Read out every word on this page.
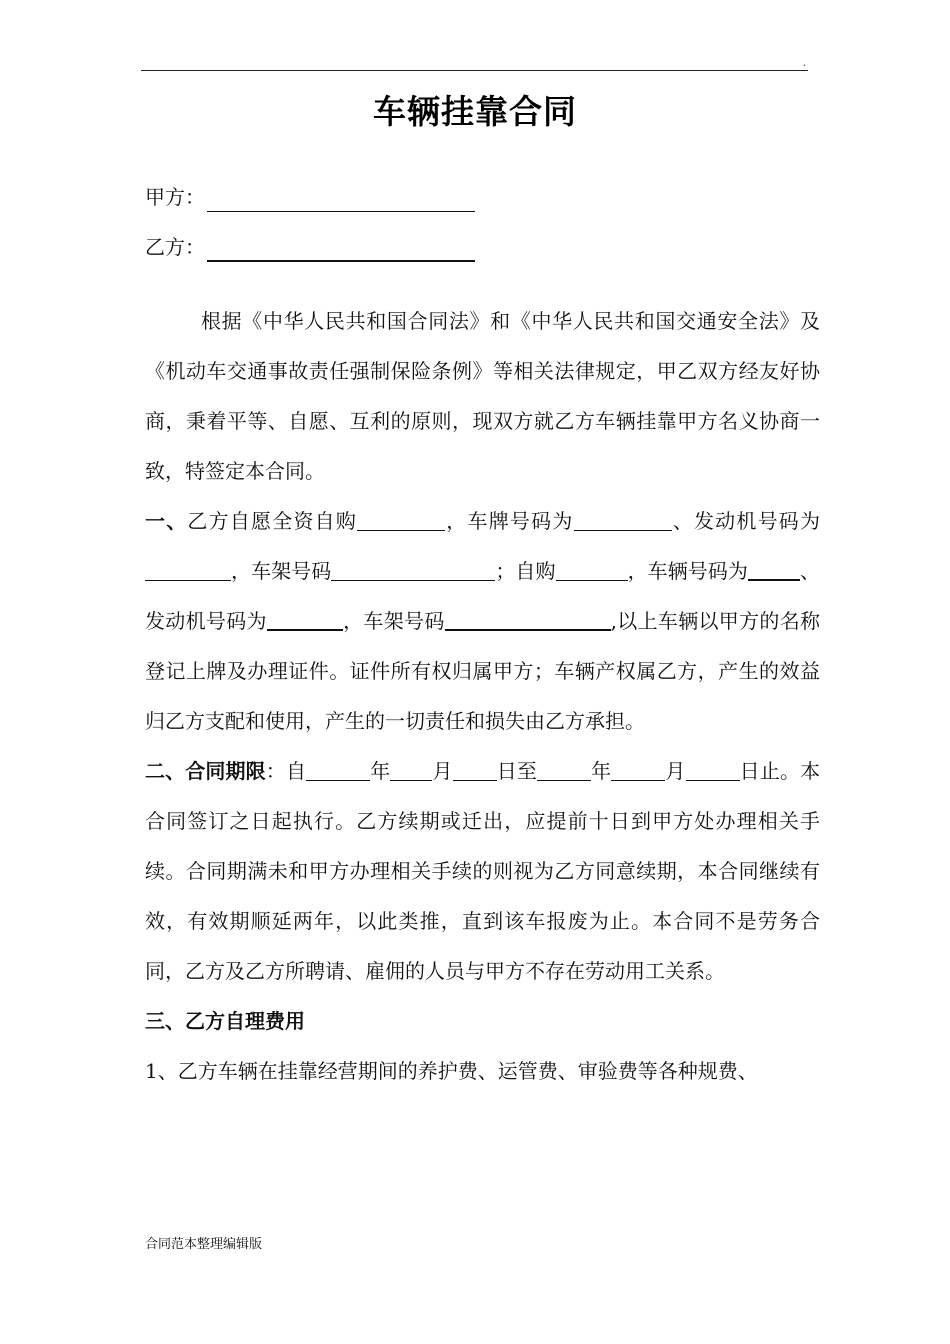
.
车辆挂靠合同
甲方：
乙方：

根据《中华人民共和国合同法》和《中华人民共和国交通安全法》及《机动车交通事故责任强制保险条例》等相关法律规定，甲乙双方经友好协商，秉着平等、自愿、互利的原则，现双方就乙方车辆挂靠甲方名义协商一致，特签定本合同。

一、乙方自愿全资自购	，车牌号码为	、发动机号码为，车架号码	；自购	，车辆号码为	、发动机号码为	，车架号码	,以上车辆以甲方的名称登记上牌及办理证件。证件所有权归属甲方；车辆产权属乙方，产生的效益归乙方支配和使用，产生的一切责任和损失由乙方承担。

二、合同期限：自	年 月 日至	年	月	日止。本合同签订之日起执行。乙方续期或迁出，应提前十日到甲方处办理相关手续。合同期满未和甲方办理相关手续的则视为乙方同意续期，本合同继续有效，有效期顺延两年，以此类推，直到该车报废为止。本合同不是劳务合同，乙方及乙方所聘请、雇佣的人员与甲方不存在劳动用工关系。

三、乙方自理费用

1、乙方车辆在挂靠经营期间的养护费、运管费、审验费等各种规费、

合同范本整理编辑版
